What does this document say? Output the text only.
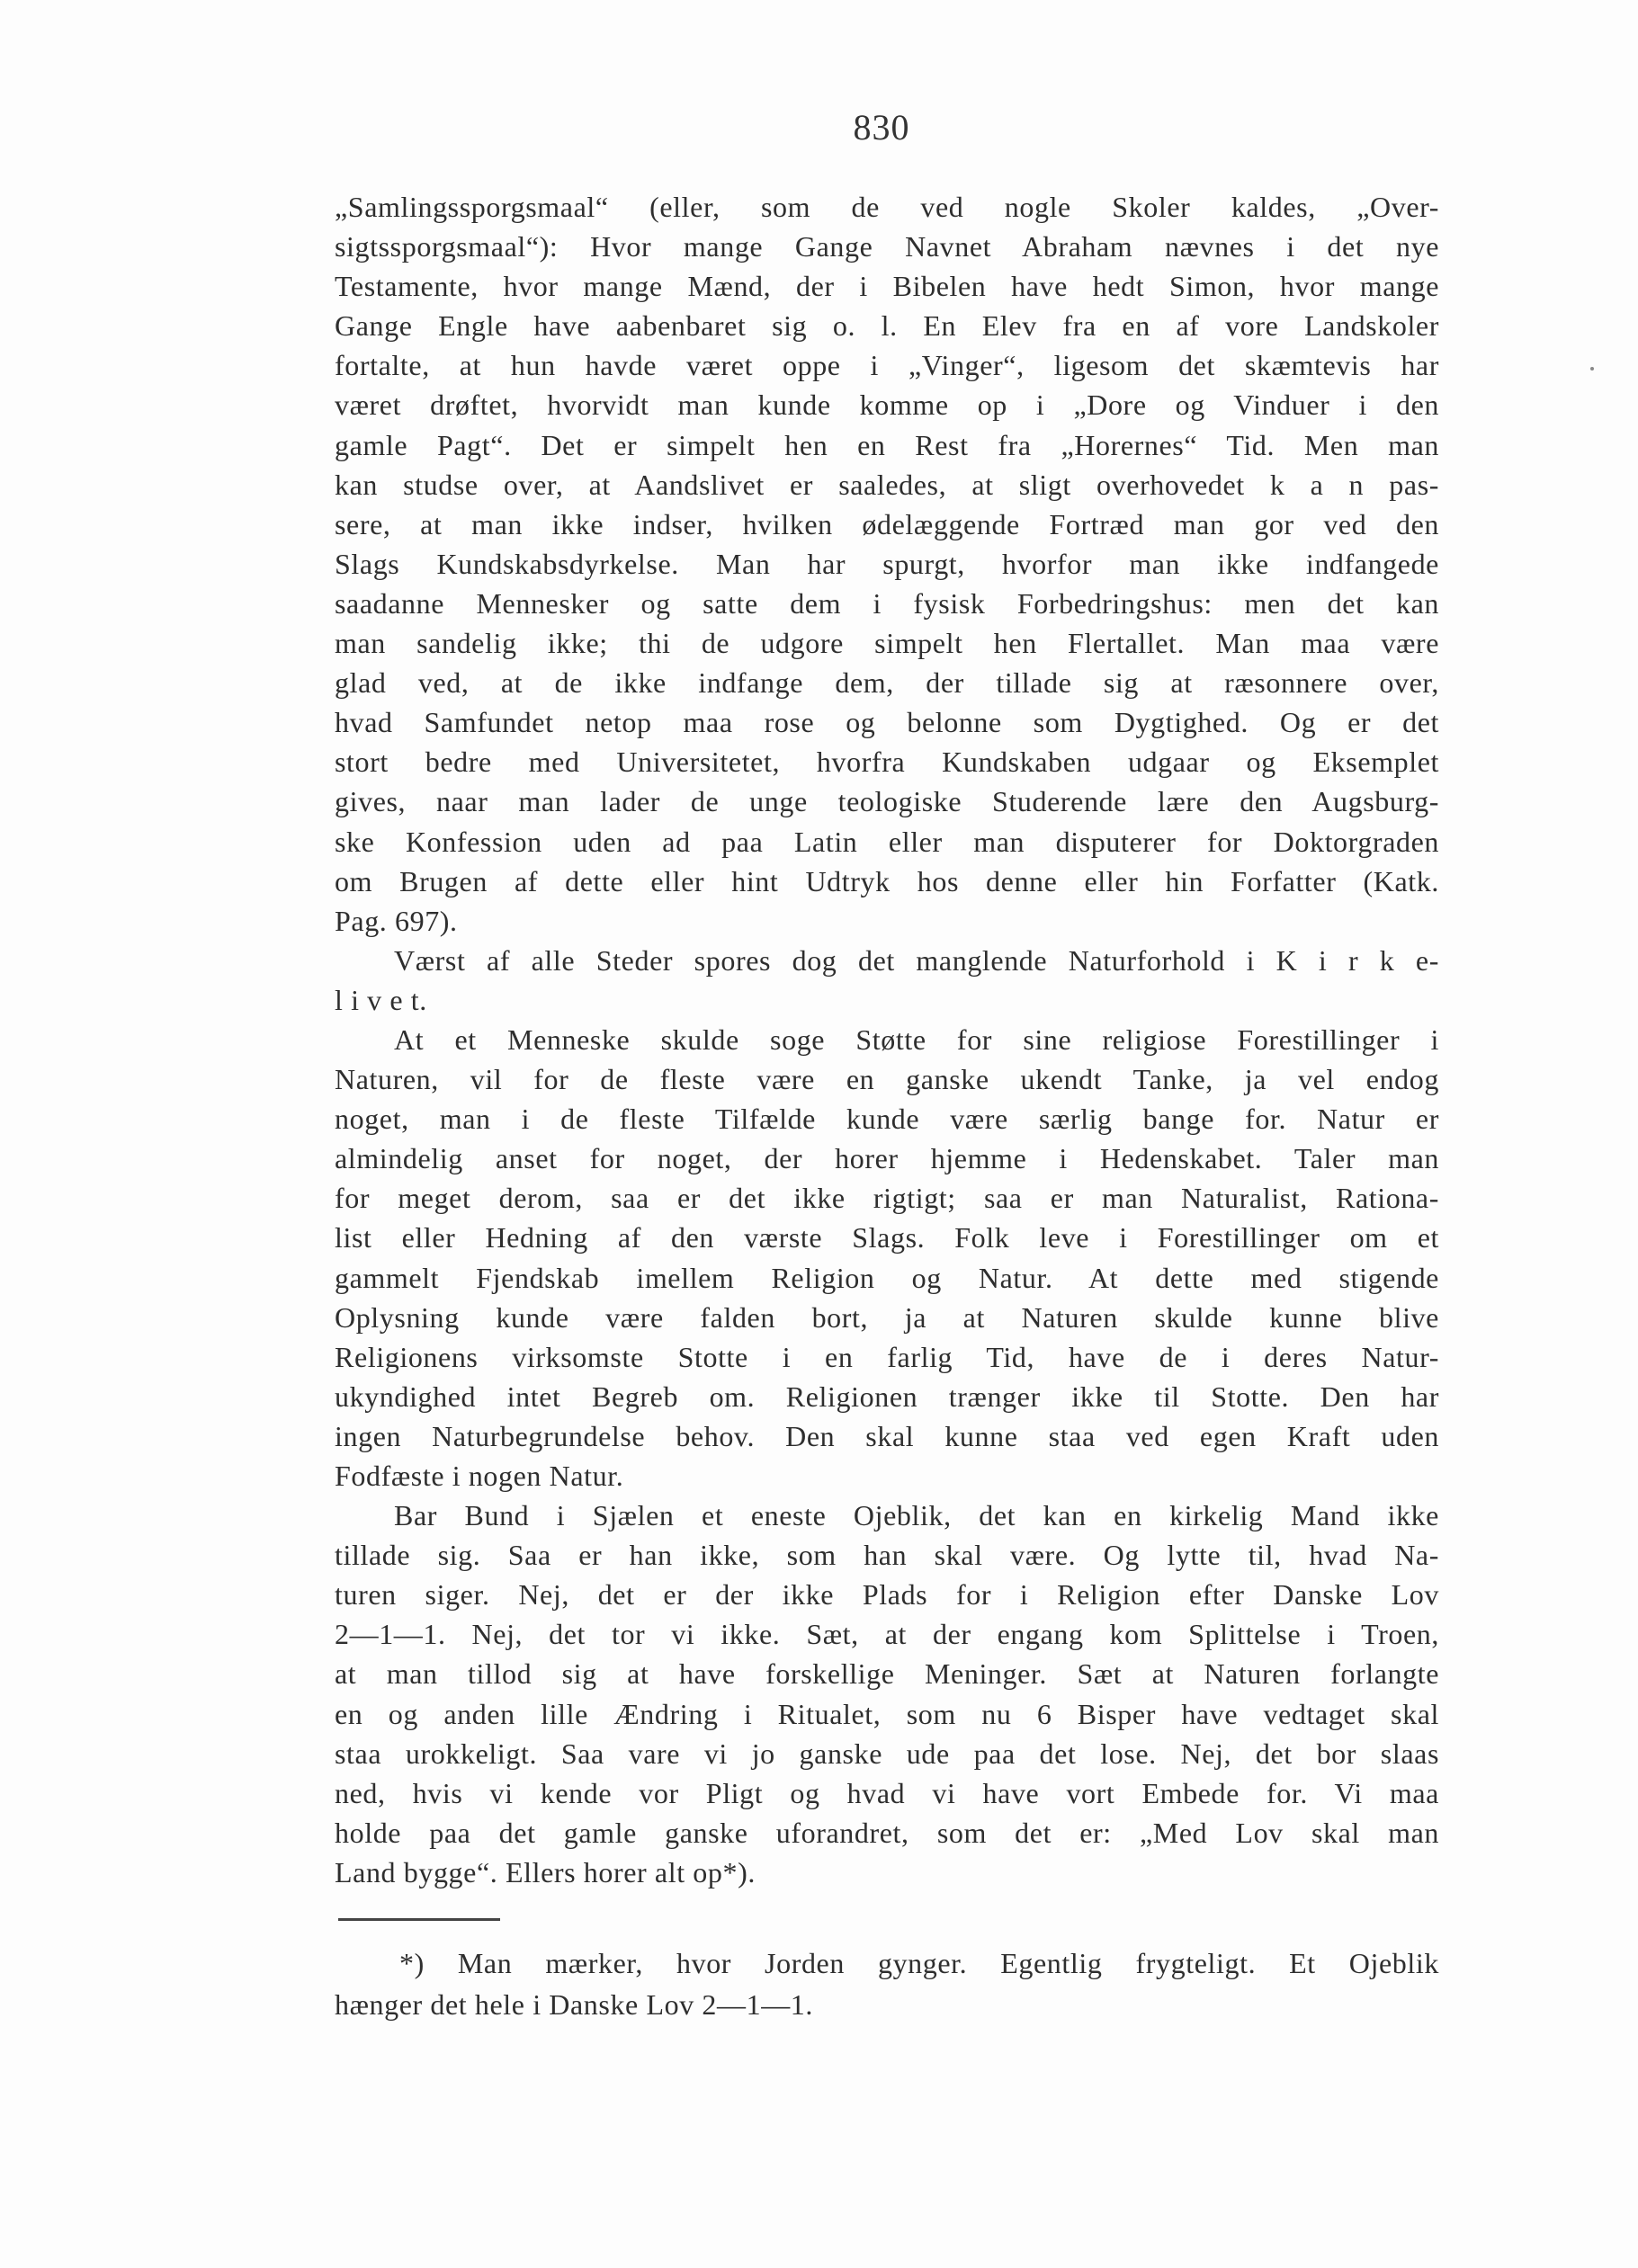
830
„Samlingssporgsmaal“ (eller, som de ved nogle Skoler kaldes, „Over-
sigtssporgsmaal“): Hvor mange Gange Navnet Abraham nævnes i det nye
Testamente, hvor mange Mænd, der i Bibelen have hedt Simon, hvor mange
Gange Engle have aabenbaret sig o. l. En Elev fra en af vore Landskoler
fortalte, at hun havde været oppe i „Vinger“, ligesom det skæmtevis har
været drøftet, hvorvidt man kunde komme op i „Dore og Vinduer i den
gamle Pagt“. Det er simpelt hen en Rest fra „Horernes“ Tid. Men man
kan studse over, at Aandslivet er saaledes, at sligt overhovedet k a n pas-
sere, at man ikke indser, hvilken ødelæggende Fortræd man gor ved den
Slags Kundskabsdyrkelse. Man har spurgt, hvorfor man ikke indfangede
saadanne Mennesker og satte dem i fysisk Forbedringshus: men det kan
man sandelig ikke; thi de udgore simpelt hen Flertallet. Man maa være
glad ved, at de ikke indfange dem, der tillade sig at ræsonnere over,
hvad Samfundet netop maa rose og belonne som Dygtighed. Og er det
stort bedre med Universitetet, hvorfra Kundskaben udgaar og Eksemplet
gives, naar man lader de unge teologiske Studerende lære den Augsburg-
ske Konfession uden ad paa Latin eller man disputerer for Doktorgraden
om Brugen af dette eller hint Udtryk hos denne eller hin Forfatter (Katk.
Pag. 697).
Værst af alle Steder spores dog det manglende Naturforhold i K i r k e-
l i v e t.
At et Menneske skulde soge Støtte for sine religiose Forestillinger i
Naturen, vil for de fleste være en ganske ukendt Tanke, ja vel endog
noget, man i de fleste Tilfælde kunde være særlig bange for. Natur er
almindelig anset for noget, der horer hjemme i Hedenskabet. Taler man
for meget derom, saa er det ikke rigtigt; saa er man Naturalist, Rationa-
list eller Hedning af den værste Slags. Folk leve i Forestillinger om et
gammelt Fjendskab imellem Religion og Natur. At dette med stigende
Oplysning kunde være falden bort, ja at Naturen skulde kunne blive
Religionens virksomste Stotte i en farlig Tid, have de i deres Natur-
ukyndighed intet Begreb om. Religionen trænger ikke til Stotte. Den har
ingen Naturbegrundelse behov. Den skal kunne staa ved egen Kraft uden
Fodfæste i nogen Natur.
Bar Bund i Sjælen et eneste Ojeblik, det kan en kirkelig Mand ikke
tillade sig. Saa er han ikke, som han skal være. Og lytte til, hvad Na-
turen siger. Nej, det er der ikke Plads for i Religion efter Danske Lov
2—1—1. Nej, det tor vi ikke. Sæt, at der engang kom Splittelse i Troen,
at man tillod sig at have forskellige Meninger. Sæt at Naturen forlangte
en og anden lille Ændring i Ritualet, som nu 6 Bisper have vedtaget skal
staa urokkeligt. Saa vare vi jo ganske ude paa det lose. Nej, det bor slaas
ned, hvis vi kende vor Pligt og hvad vi have vort Embede for. Vi maa
holde paa det gamle ganske uforandret, som det er: „Med Lov skal man
Land bygge“. Ellers horer alt op*).
*) Man mærker, hvor Jorden gynger. Egentlig frygteligt. Et Ojeblik
hænger det hele i Danske Lov 2—1—1.
